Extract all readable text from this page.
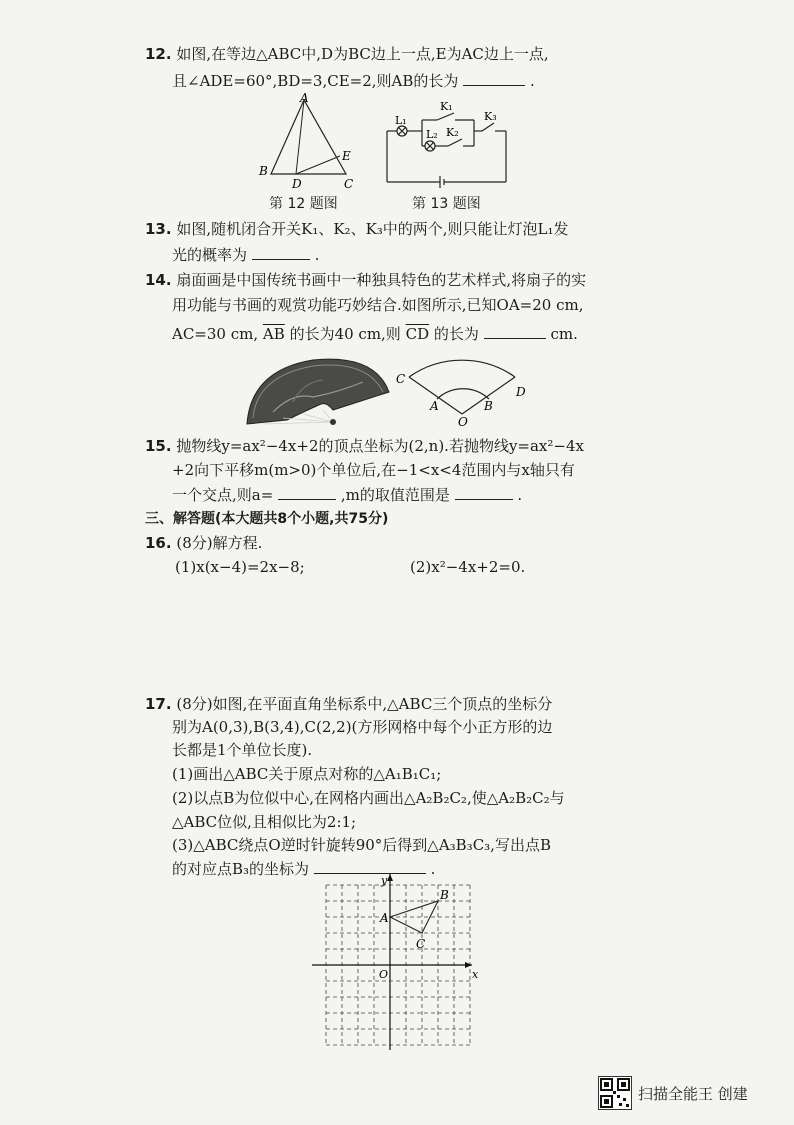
12. 如图,在等边△ABC中,D为BC边上一点,E为AC边上一点,
且∠ADE=60°,BD=3,CE=2,则AB的长为	.
A
B
C
D
E
第 12 题图
L₁
L₂
K₁
K₂
K₃
第 13 题图
13. 如图,随机闭合开关K₁、K₂、K₃中的两个,则只能让灯泡L₁发
光的概率为	.
14. 扇面画是中国传统书画中一种独具特色的艺术样式,将扇子的实
用功能与书画的观赏功能巧妙结合.如图所示,已知OA=20 cm,
AC=30 cm, $\overline{AB}$ 的长为40 cm,则 $\overline{CD}$ 的长为	cm.
C
D
A	B
O
15. 抛物线y=ax²−4x+2的顶点坐标为(2,n).若抛物线y=ax²−4x
+2向下平移m(m>0)个单位后,在−1<x<4范围内与x轴只有
一个交点,则a=	,m的取值范围是	.
三、解答题(本大题共8个小题,共75分)
16. (8分)解方程.
(1)x(x−4)=2x−8;	(2)x²−4x+2=0.
17. (8分)如图,在平面直角坐标系中,△ABC三个顶点的坐标分
别为A(0,3),B(3,4),C(2,2)(方形网格中每个小正方形的边
长都是1个单位长度).
(1)画出△ABC关于原点对称的△A₁B₁C₁;
(2)以点B为位似中心,在网格内画出△A₂B₂C₂,使△A₂B₂C₂与
△ABC位似,且相似比为2:1;
(3)△ABC绕点O逆时针旋转90°后得到△A₃B₃C₃,写出点B
的对应点B₃的坐标为	.
x
y
O
A
B
C
扫描全能王 创建
